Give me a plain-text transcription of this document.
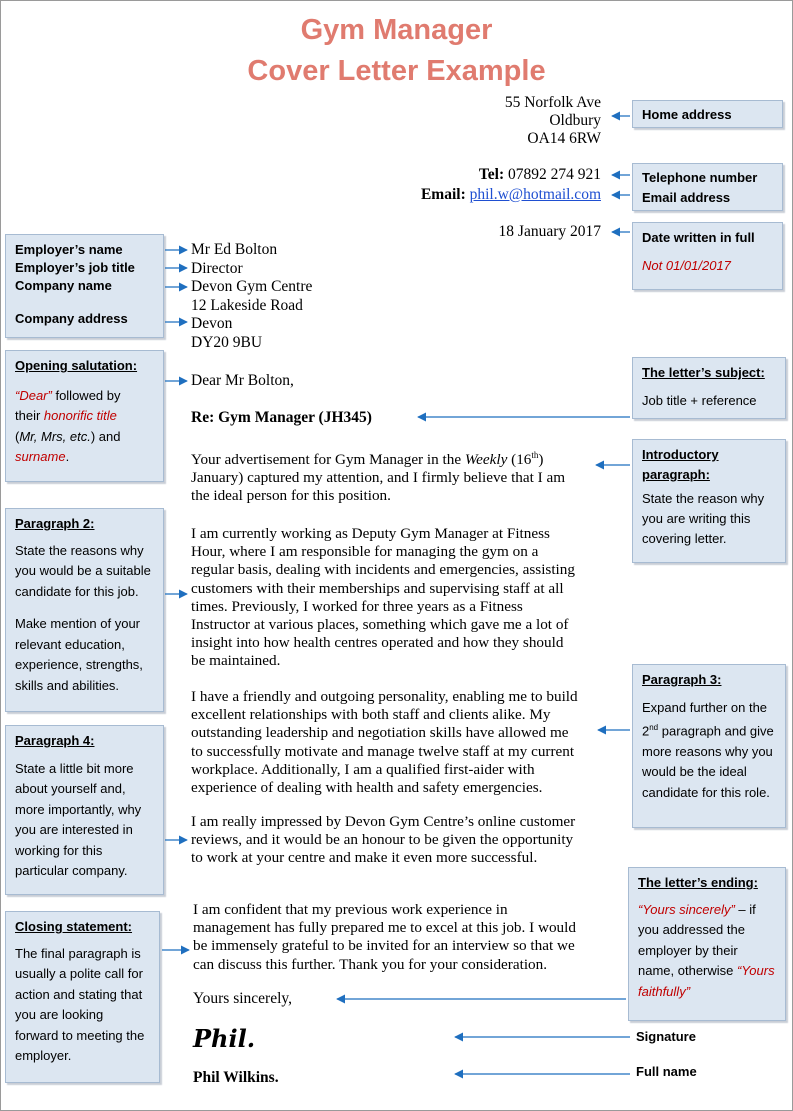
Gym Manager
Cover Letter Example
55 Norfolk Ave
Oldbury
OA14 6RW
Tel: 07892 274 921
Email: phil.w@hotmail.com
18 January 2017
Mr Ed Bolton
Director
Devon Gym Centre
12 Lakeside Road
Devon
DY20 9BU
Dear Mr Bolton,
Re: Gym Manager (JH345)
Your advertisement for Gym Manager in the Weekly (16th)
January) captured my attention, and I firmly believe that I am
the ideal person for this position.
I am currently working as Deputy Gym Manager at Fitness
Hour, where I am responsible for managing the gym on a
regular basis, dealing with incidents and emergencies, assisting
customers with their memberships and supervising staff at all
times. Previously, I worked for three years as a Fitness
Instructor at various places, something which gave me a lot of
insight into how health centres operated and how they should
be maintained.
I have a friendly and outgoing personality, enabling me to build
excellent relationships with both staff and clients alike. My
outstanding leadership and negotiation skills have allowed me
to successfully motivate and manage twelve staff at my current
workplace. Additionally, I am a qualified first-aider with
experience of dealing with health and safety emergencies.
I am really impressed by Devon Gym Centre’s online customer
reviews, and it would be an honour to be given the opportunity
to work at your centre and make it even more successful.
I am confident that my previous work experience in
management has fully prepared me to excel at this job. I would
be immensely grateful to be invited for an interview so that we
can discuss this further. Thank you for your consideration.
Yours sincerely,
Phil.
Phil Wilkins.
Home address
Telephone number
Email address
Date written in full
Not 01/01/2017
The letter’s subject:
Job title + reference
Introductory paragraph:
State the reason why you are writing this covering letter.
Paragraph 3:
Expand further on the 2nd paragraph and give more reasons why you would be the ideal candidate for this role.
The letter’s ending:
“Yours sincerely” – if you addressed the employer by their name, otherwise “Yours faithfully”
Signature
Full name
Employer’s name
Employer’s job title
Company name
Company address
Opening salutation:
“Dear” followed by
their honorific title
(Mr, Mrs, etc.) and
surname.
Paragraph 2:

State the reasons why you would be a suitable candidate for this job.

Make mention of your relevant education, experience, strengths, skills and abilities.

Paragraph 4:

State a little bit more about yourself and, more importantly, why you are interested in working for this particular company.

Closing statement:

The final paragraph is usually a polite call for action and stating that you are looking forward to meeting the employer.
